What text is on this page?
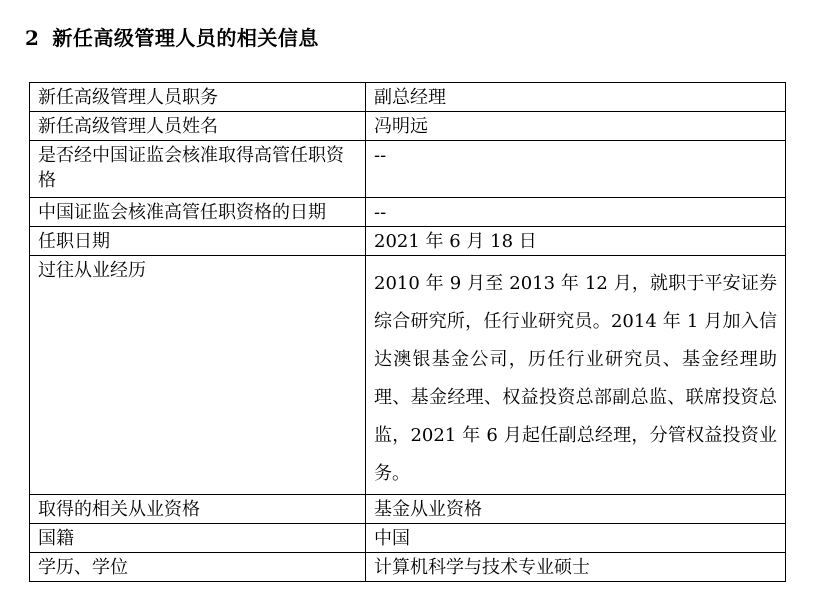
2 新任高级管理人员的相关信息
新任高级管理人员职务	副总经理
新任高级管理人员姓名	冯明远
是否经中国证监会核准取得高管任职资格	--
中国证监会核准高管任职资格的日期	--
任职日期	2021 年 6 月 18 日
过往从业经历	2010 年 9 月至 2013 年 12 月，就职于平安证券综合研究所，任行业研究员。2014 年 1 月加入信达澳银基金公司，历任行业研究员、基金经理助理、基金经理、权益投资总部副总监、联席投资总监，2021 年 6 月起任副总经理，分管权益投资业务。

取得的相关从业资格	基金从业资格
国籍	中国
学历、学位	计算机科学与技术专业硕士
